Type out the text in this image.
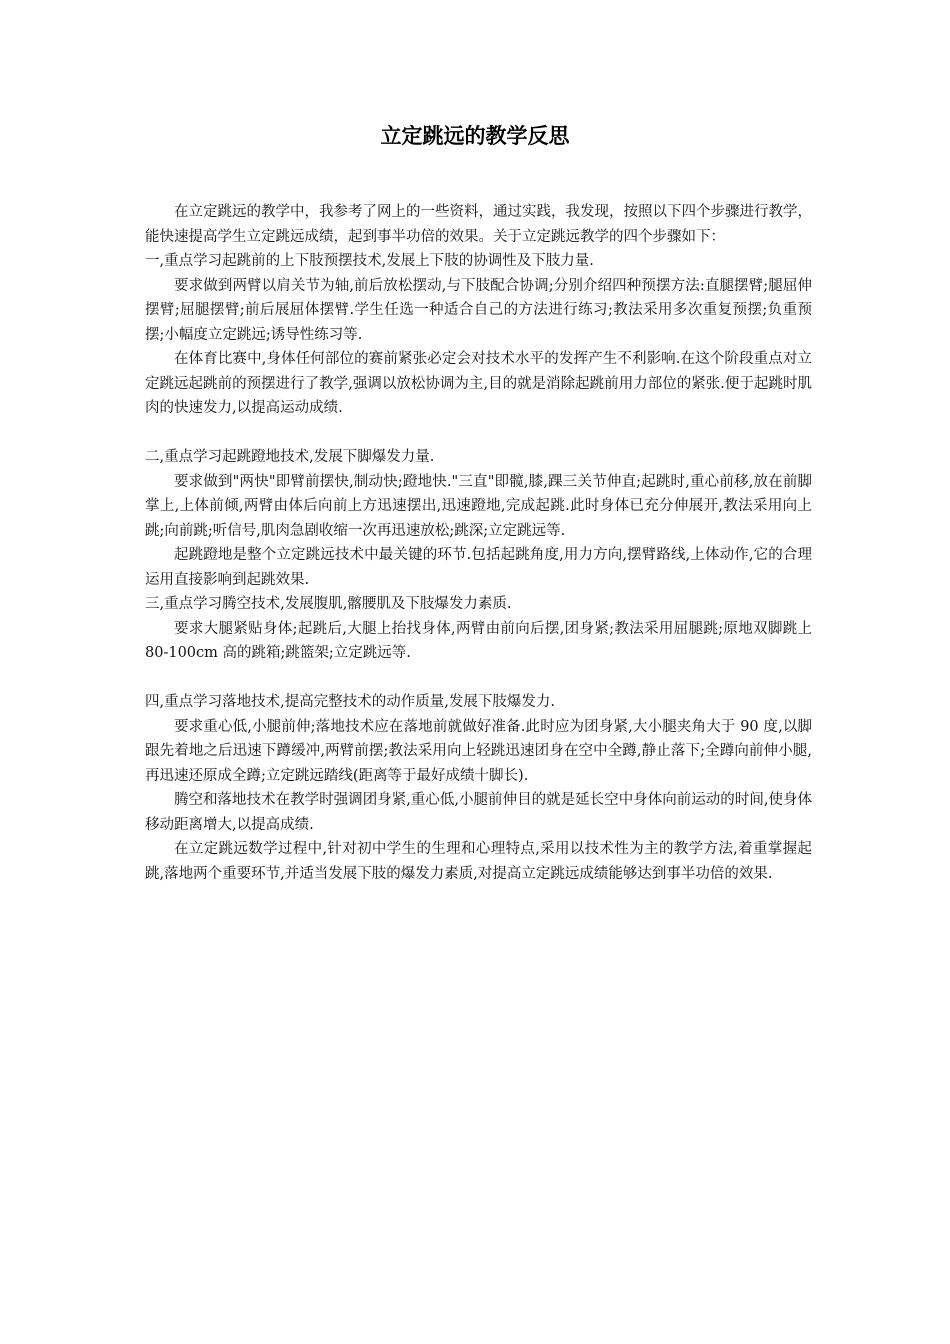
立定跳远的教学反思

在立定跳远的教学中，我参考了网上的一些资料，通过实践，我发现，按照以下四个步骤进行教学，能快速提高学生立定跳远成绩，起到事半功倍的效果。关于立定跳远教学的四个步骤如下：

一,重点学习起跳前的上下肢预摆技术,发展上下肢的协调性及下肢力量.

要求做到两臂以肩关节为轴,前后放松摆动,与下肢配合协调;分别介绍四种预摆方法:直腿摆臂;腿屈伸摆臂;屈腿摆臂;前后展屈体摆臂.学生任选一种适合自己的方法进行练习;教法采用多次重复预摆;负重预摆;小幅度立定跳远;诱导性练习等.

在体育比赛中,身体任何部位的赛前紧张必定会对技术水平的发挥产生不利影响.在这个阶段重点对立定跳远起跳前的预摆进行了教学,强调以放松协调为主,目的就是消除起跳前用力部位的紧张.便于起跳时肌肉的快速发力,以提高运动成绩.

二,重点学习起跳蹬地技术,发展下脚爆发力量.

要求做到"两快"即臂前摆快,制动快;蹬地快."三直"即髋,膝,踝三关节伸直;起跳时,重心前移,放在前脚掌上,上体前倾,两臂由体后向前上方迅速摆出,迅速蹬地,完成起跳.此时身体已充分伸展开,教法采用向上跳;向前跳;听信号,肌肉急剧收缩一次再迅速放松;跳深;立定跳远等.

起跳蹬地是整个立定跳远技术中最关键的环节.包括起跳角度,用力方向,摆臂路线,上体动作,它的合理运用直接影响到起跳效果.

三,重点学习腾空技术,发展腹肌,髂腰肌及下肢爆发力素质.

要求大腿紧贴身体;起跳后,大腿上抬找身体,两臂由前向后摆,团身紧;教法采用屈腿跳;原地双脚跳上 80-100cm 高的跳箱;跳篮架;立定跳远等.

四,重点学习落地技术,提高完整技术的动作质量,发展下肢爆发力.

要求重心低,小腿前伸;落地技术应在落地前就做好准备.此时应为团身紧,大小腿夹角大于 90 度,以脚跟先着地之后迅速下蹲缓冲,两臂前摆;教法采用向上轻跳迅速团身在空中全蹲,静止落下;全蹲向前伸小腿,再迅速还原成全蹲;立定跳远踏线(距离等于最好成绩十脚长).

腾空和落地技术在教学时强调团身紧,重心低,小腿前伸目的就是延长空中身体向前运动的时间,使身体移动距离增大,以提高成绩.

在立定跳远数学过程中,针对初中学生的生理和心理特点,采用以技术性为主的教学方法,着重掌握起跳,落地两个重要环节,并适当发展下肢的爆发力素质,对提高立定跳远成绩能够达到事半功倍的效果.
